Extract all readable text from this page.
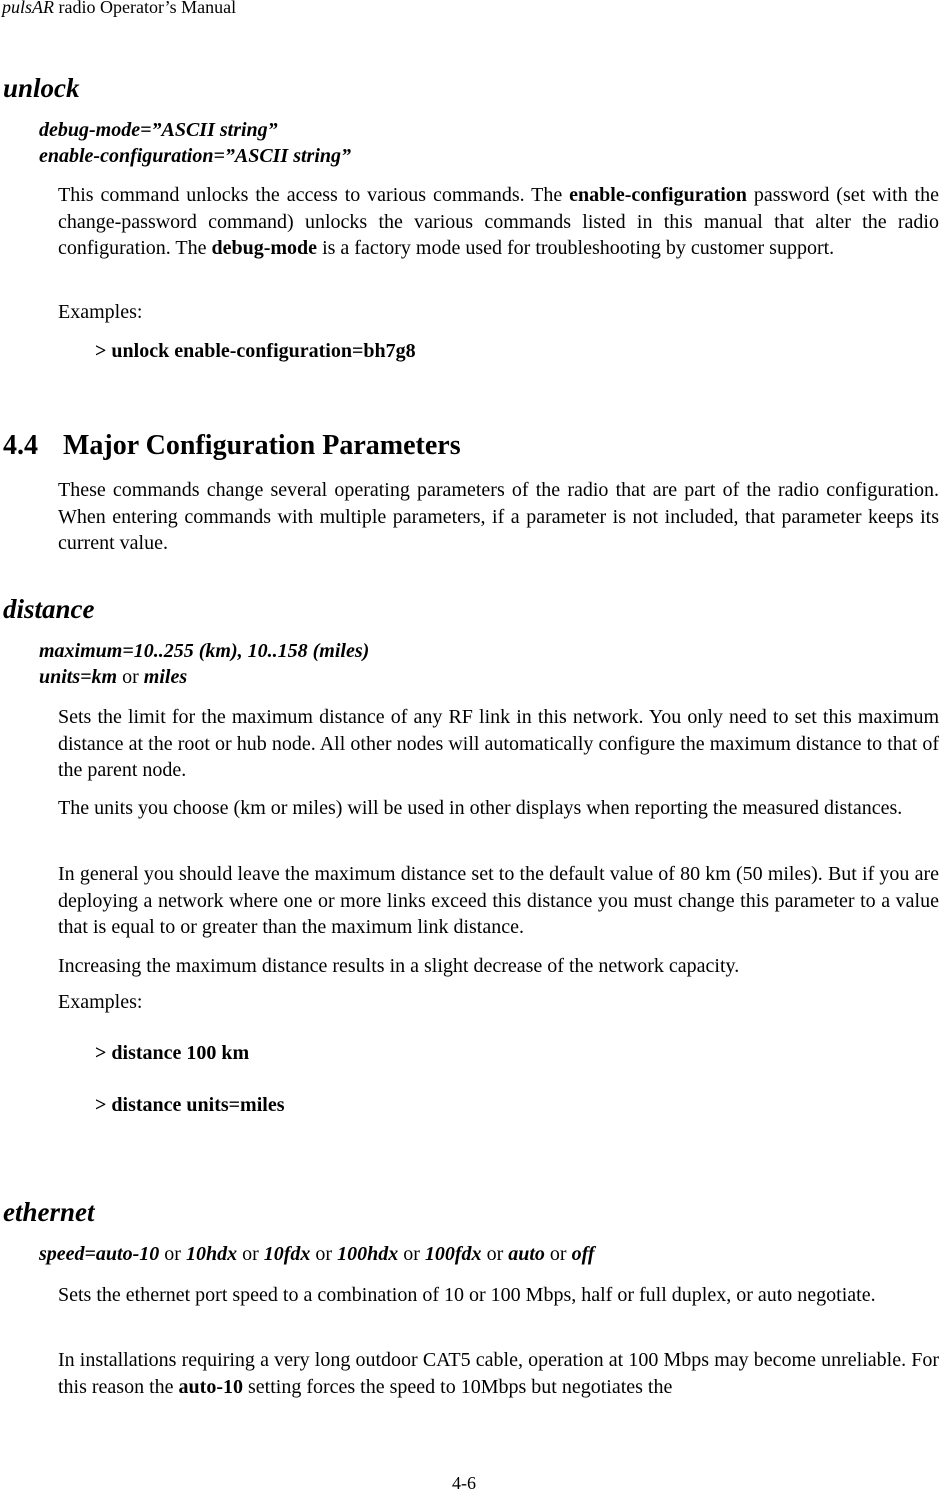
pulsAR radio Operator’s Manual
unlock
debug-mode=”ASCII string”
enable-configuration=”ASCII string”
This command unlocks the access to various commands. The enable-configuration password (set with the change-password command) unlocks the various commands listed in this manual that alter the radio configuration. The debug-mode is a factory mode used for troubleshooting by customer support.
Examples:
> unlock enable-configuration=bh7g8
4.4 Major Configuration Parameters
These commands change several operating parameters of the radio that are part of the radio configuration. When entering commands with multiple parameters, if a parameter is not included, that parameter keeps its current value.
distance
maximum=10..255 (km), 10..158 (miles)
units=km or miles
Sets the limit for the maximum distance of any RF link in this network. You only need to set this maximum distance at the root or hub node. All other nodes will automatically configure the maximum distance to that of the parent node.
The units you choose (km or miles) will be used in other displays when reporting the measured distances.
In general you should leave the maximum distance set to the default value of 80 km (50 miles). But if you are deploying a network where one or more links exceed this distance you must change this parameter to a value that is equal to or greater than the maximum link distance.
Increasing the maximum distance results in a slight decrease of the network capacity.
Examples:
> distance 100 km
> distance units=miles
ethernet
speed=auto-10 or 10hdx or 10fdx or 100hdx or 100fdx or auto or off
Sets the ethernet port speed to a combination of 10 or 100 Mbps, half or full duplex, or auto negotiate.
In installations requiring a very long outdoor CAT5 cable, operation at 100 Mbps may become unreliable. For this reason the auto-10 setting forces the speed to 10Mbps but negotiates the
4-6
